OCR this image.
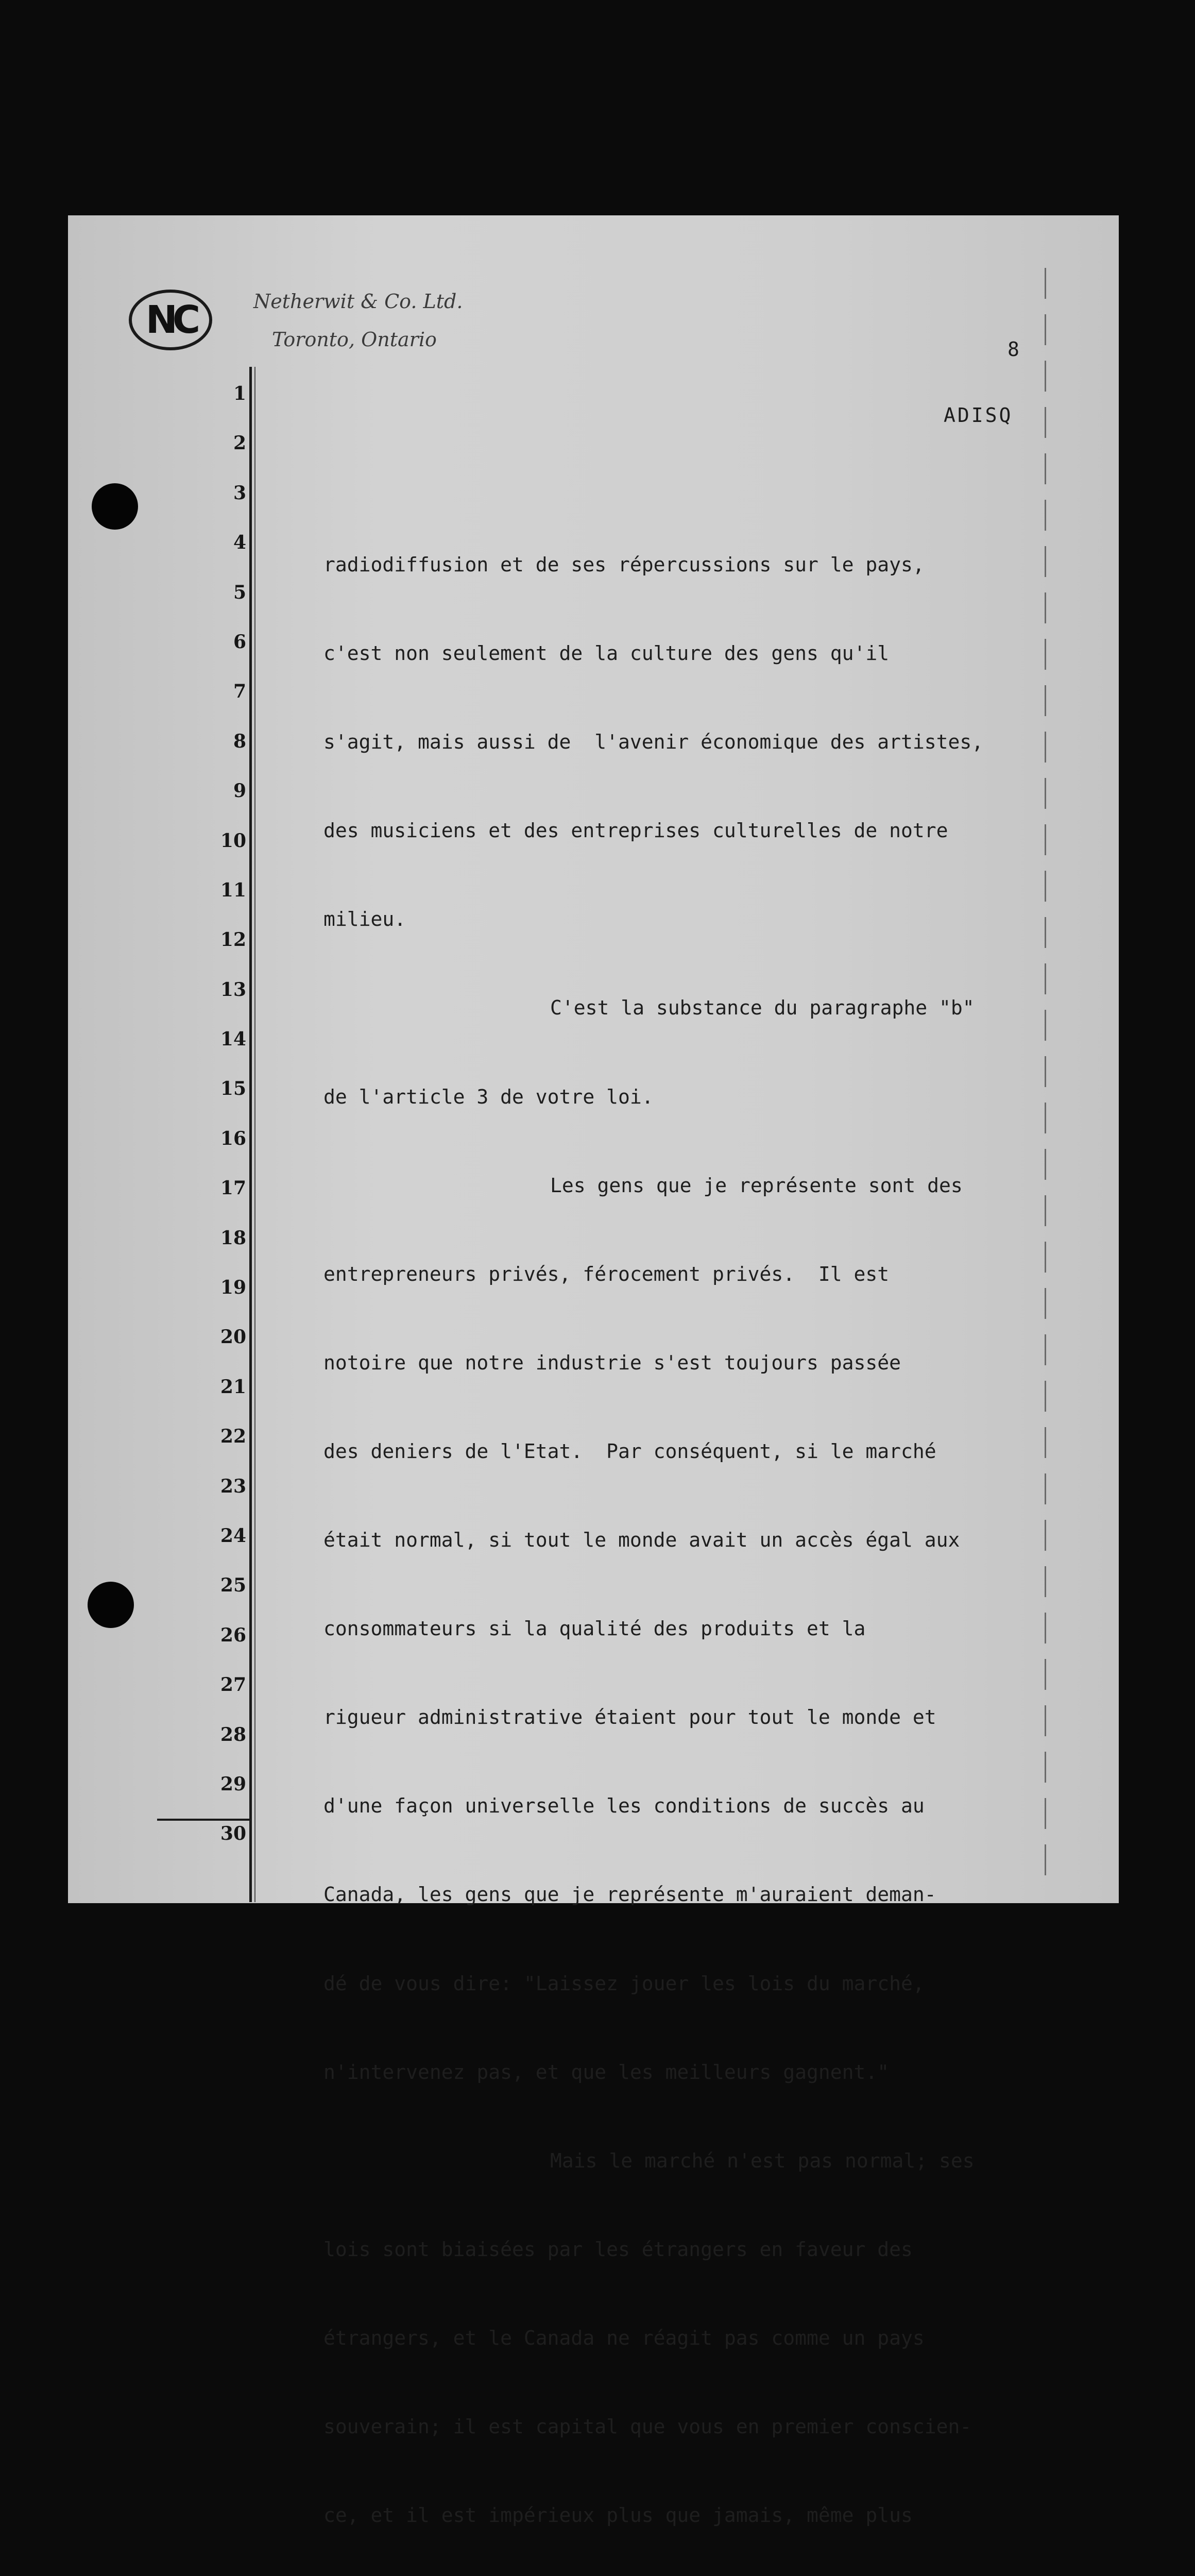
NC	Netherwit & Co. Ltd.
Toronto, Ontario
1
2
3
4
5
6
7
8
9
10
11
12
13
14
15
16
17
18
19
20
21
22
23
24
25
26
27
28
29
30
8
ADISQ

radiodiffusion et de ses répercussions sur le pays,

c'est non seulement de la culture des gens qu'il

s'agit, mais aussi de  l'avenir économique des artistes,

des musiciens et des entreprises culturelles de notre

milieu.

C'est la substance du paragraphe "b"

de l'article 3 de votre loi.

Les gens que je représente sont des

entrepreneurs privés, férocement privés.  Il est

notoire que notre industrie s'est toujours passée

des deniers de l'Etat.  Par conséquent, si le marché

était normal, si tout le monde avait un accès égal aux

consommateurs si la qualité des produits et la

rigueur administrative étaient pour tout le monde et

d'une façon universelle les conditions de succès au

Canada, les gens que je représente m'auraient deman-

dé de vous dire: "Laissez jouer les lois du marché,

n'intervenez pas, et que les meilleurs gagnent."

Mais le marché n'est pas normal; ses

lois sont biaisées par les étrangers en faveur des

étrangers, et le Canada ne réagit pas comme un pays

souverain; il est capital que vous en premier conscien-

ce, et il est impérieux plus que jamais, même plus
